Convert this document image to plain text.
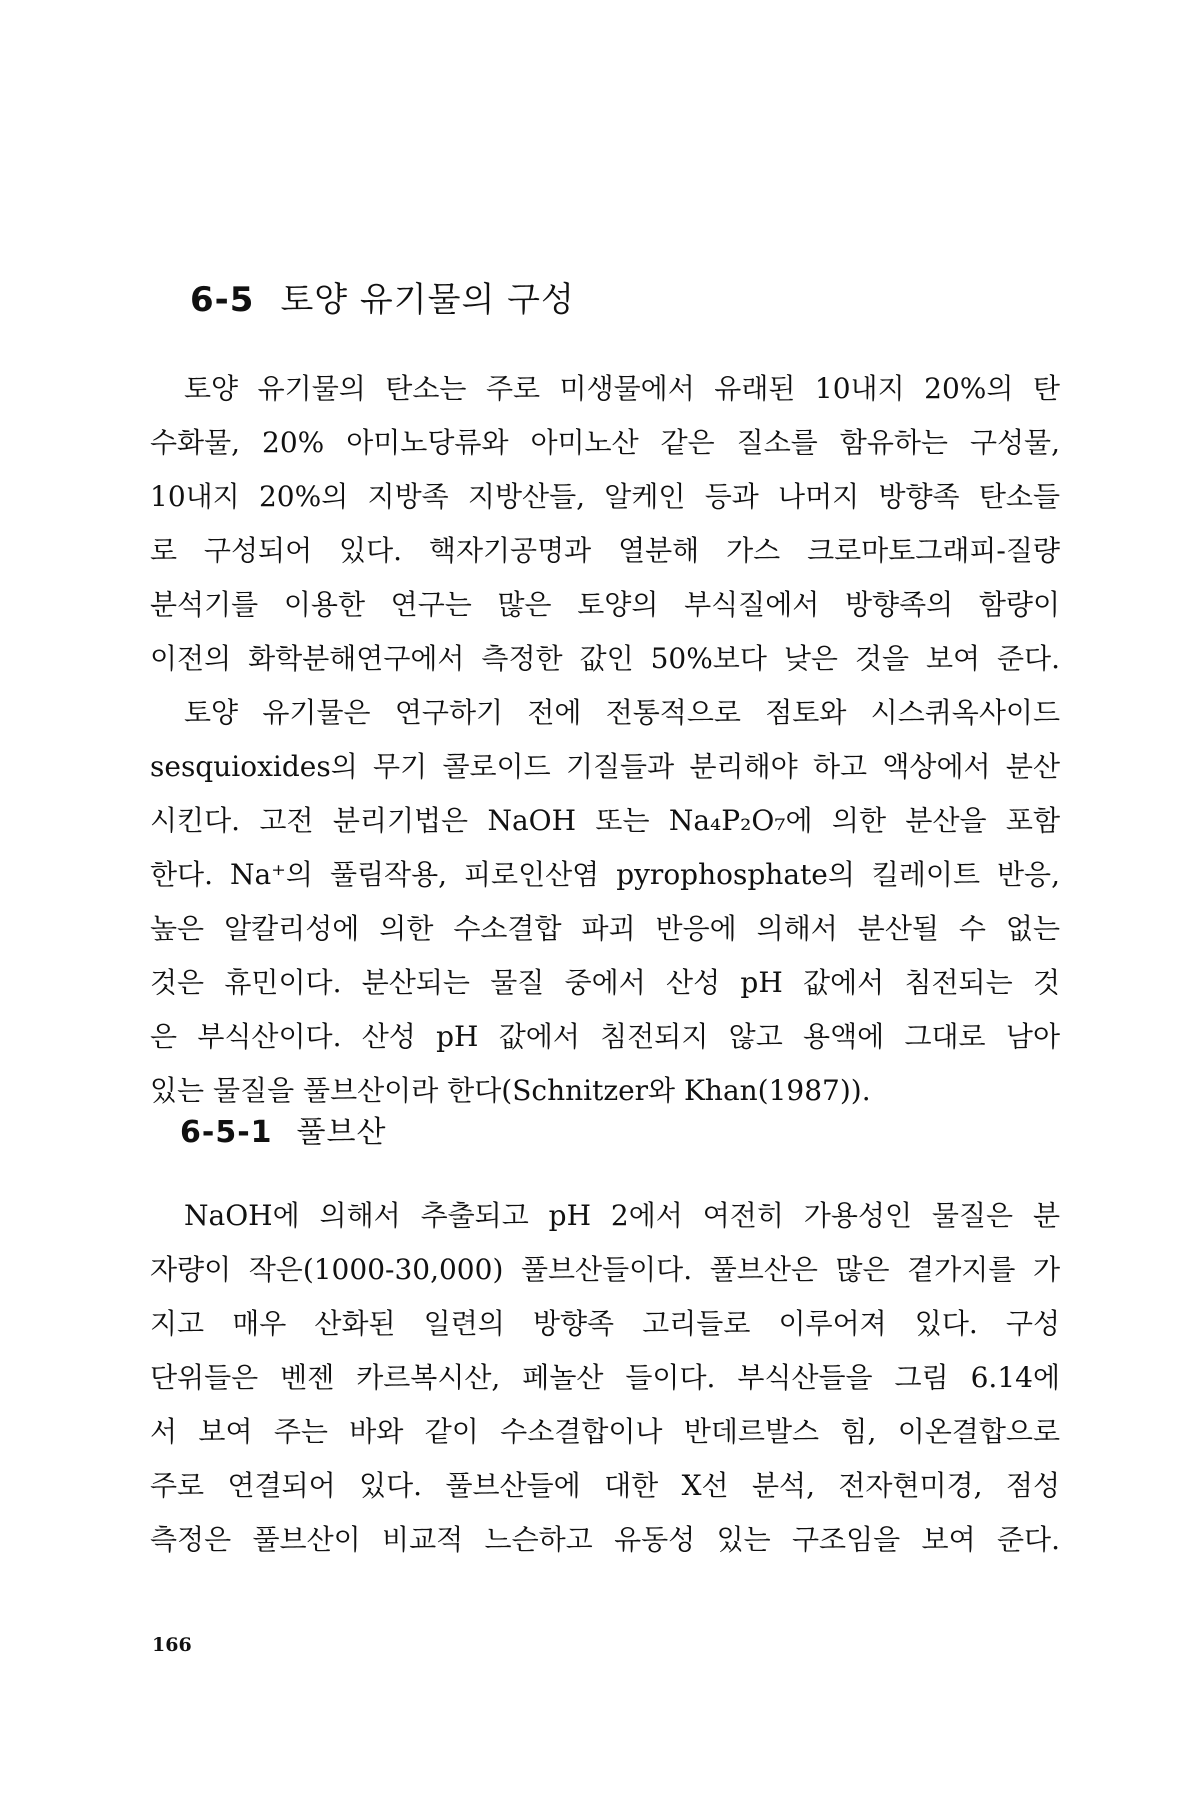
6-5 토양 유기물의 구성
토양 유기물의 탄소는 주로 미생물에서 유래된 10내지 20%의 탄
수화물, 20% 아미노당류와 아미노산 같은 질소를 함유하는 구성물,
10내지 20%의 지방족 지방산들, 알케인 등과 나머지 방향족 탄소들
로 구성되어 있다. 핵자기공명과 열분해 가스 크로마토그래피-질량
분석기를 이용한 연구는 많은 토양의 부식질에서 방향족의 함량이
이전의 화학분해연구에서 측정한 값인 50%보다 낮은 것을 보여 준다.
토양 유기물은 연구하기 전에 전통적으로 점토와 시스퀴옥사이드
sesquioxides의 무기 콜로이드 기질들과 분리해야 하고 액상에서 분산
시킨다. 고전 분리기법은 NaOH 또는 Na₄P₂O₇에 의한 분산을 포함
한다. Na⁺의 풀림작용, 피로인산염 pyrophosphate의 킬레이트 반응,
높은 알칼리성에 의한 수소결합 파괴 반응에 의해서 분산될 수 없는
것은 휴민이다. 분산되는 물질 중에서 산성 pH 값에서 침전되는 것
은 부식산이다. 산성 pH 값에서 침전되지 않고 용액에 그대로 남아
있는 물질을 풀브산이라 한다(Schnitzer와 Khan(1987)).
6-5-1 풀브산
NaOH에 의해서 추출되고 pH 2에서 여전히 가용성인 물질은 분
자량이 작은(1000-30,000) 풀브산들이다. 풀브산은 많은 곁가지를 가
지고 매우 산화된 일련의 방향족 고리들로 이루어져 있다. 구성
단위들은 벤젠 카르복시산, 페놀산 들이다. 부식산들을 그림 6.14에
서 보여 주는 바와 같이 수소결합이나 반데르발스 힘, 이온결합으로
주로 연결되어 있다. 풀브산들에 대한 X선 분석, 전자현미경, 점성
측정은 풀브산이 비교적 느슨하고 유동성 있는 구조임을 보여 준다.
166
